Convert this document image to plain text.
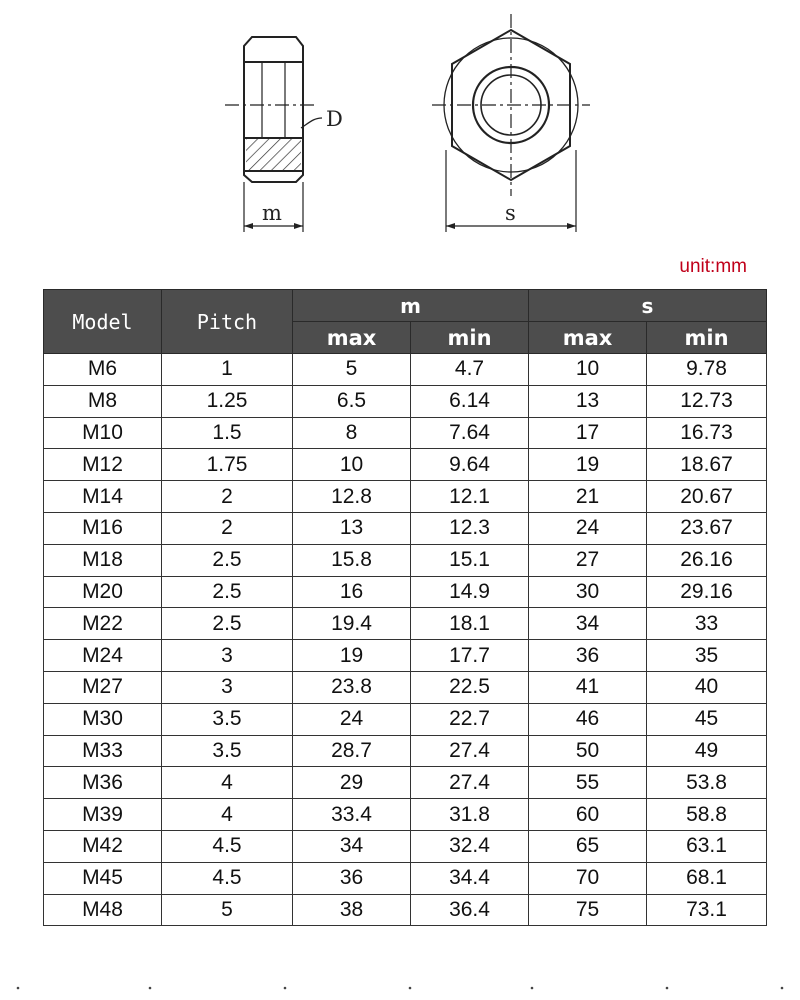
D
m	s
unit:mm
Model	Pitch	m		s	
		max	min	max	min
M6	1	5	4.7	10	9.78
M8	1.25	6.5	6.14	13	12.73
M10	1.5	8	7.64	17	16.73
M12	1.75	10	9.64	19	18.67
M14	2	12.8	12.1	21	20.67
M16	2	13	12.3	24	23.67
M18	2.5	15.8	15.1	27	26.16
M20	2.5	16	14.9	30	29.16
M22	2.5	19.4	18.1	34	33
M24	3	19	17.7	36	35
M27	3	23.8	22.5	41	40
M30	3.5	24	22.7	46	45
M33	3.5	28.7	27.4	50	49
M36	4	29	27.4	55	53.8
M39	4	33.4	31.8	60	58.8
M42	4.5	34	32.4	65	63.1
M45	4.5	36	34.4	70	68.1
M48	5	38	36.4	75	73.1
